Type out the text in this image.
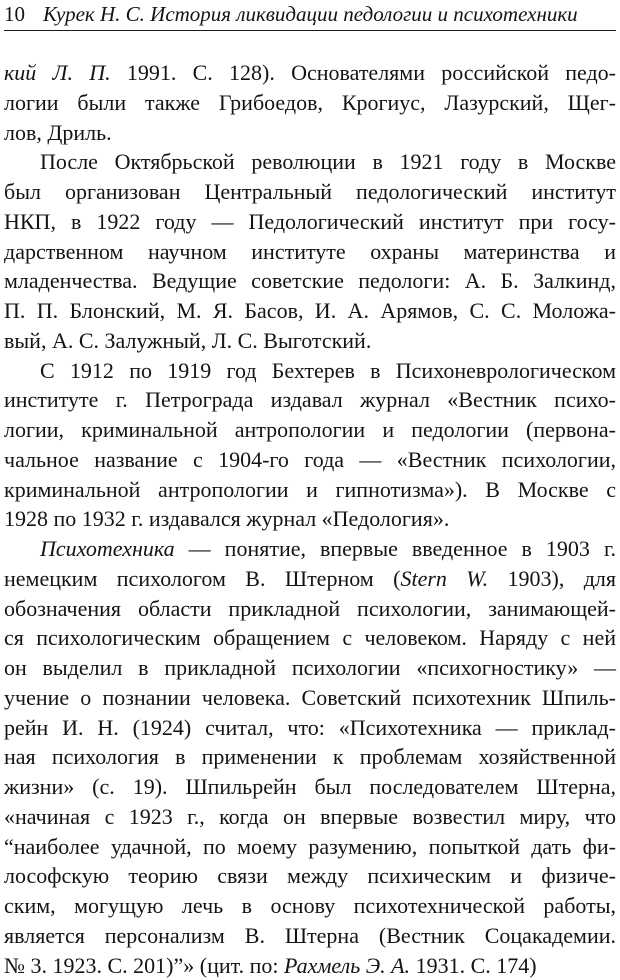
10 Курек Н. С. История ликвидации педологии и психотехники
кий Л. П. 1991. С. 128). Основателями российской педо-
логии были также Грибоедов, Крогиус, Лазурский, Щег-
лов, Дриль.
После Октябрьской революции в 1921 году в Москве
был организован Центральный педологический институт
НКП, в 1922 году — Педологический институт при госу-
дарственном научном институте охраны материнства и
младенчества. Ведущие советские педологи: А. Б. Залкинд,
П. П. Блонский, М. Я. Басов, И. А. Арямов, С. С. Моложа-
вый, А. С. Залужный, Л. С. Выготский.
С 1912 по 1919 год Бехтерев в Психоневрологическом
институте г. Петрограда издавал журнал «Вестник психо-
логии, криминальной антропологии и педологии (первона-
чальное название с 1904-го года — «Вестник психологии,
криминальной антропологии и гипнотизма»). В Москве с
1928 по 1932 г. издавался журнал «Педология».
Психотехника — понятие, впервые введенное в 1903 г.
немецким психологом В. Штерном (Stern W. 1903), для
обозначения области прикладной психологии, занимающей-
ся психологическим обращением с человеком. Наряду с ней
он выделил в прикладной психологии «психогностику» —
учение о познании человека. Советский психотехник Шпиль-
рейн И. Н. (1924) считал, что: «Психотехника — приклад-
ная психология в применении к проблемам хозяйственной
жизни» (с. 19). Шпильрейн был последователем Штерна,
«начиная с 1923 г., когда он впервые возвестил миру, что
“наиболее удачной, по моему разумению, попыткой дать фи-
лософскую теорию связи между психическим и физиче-
ским, могущую лечь в основу психотехнической работы,
является персонализм В. Штерна (Вестник Соцакадемии.
№ 3. 1923. С. 201)”» (цит. по: Рахмель Э. А. 1931. С. 174)
